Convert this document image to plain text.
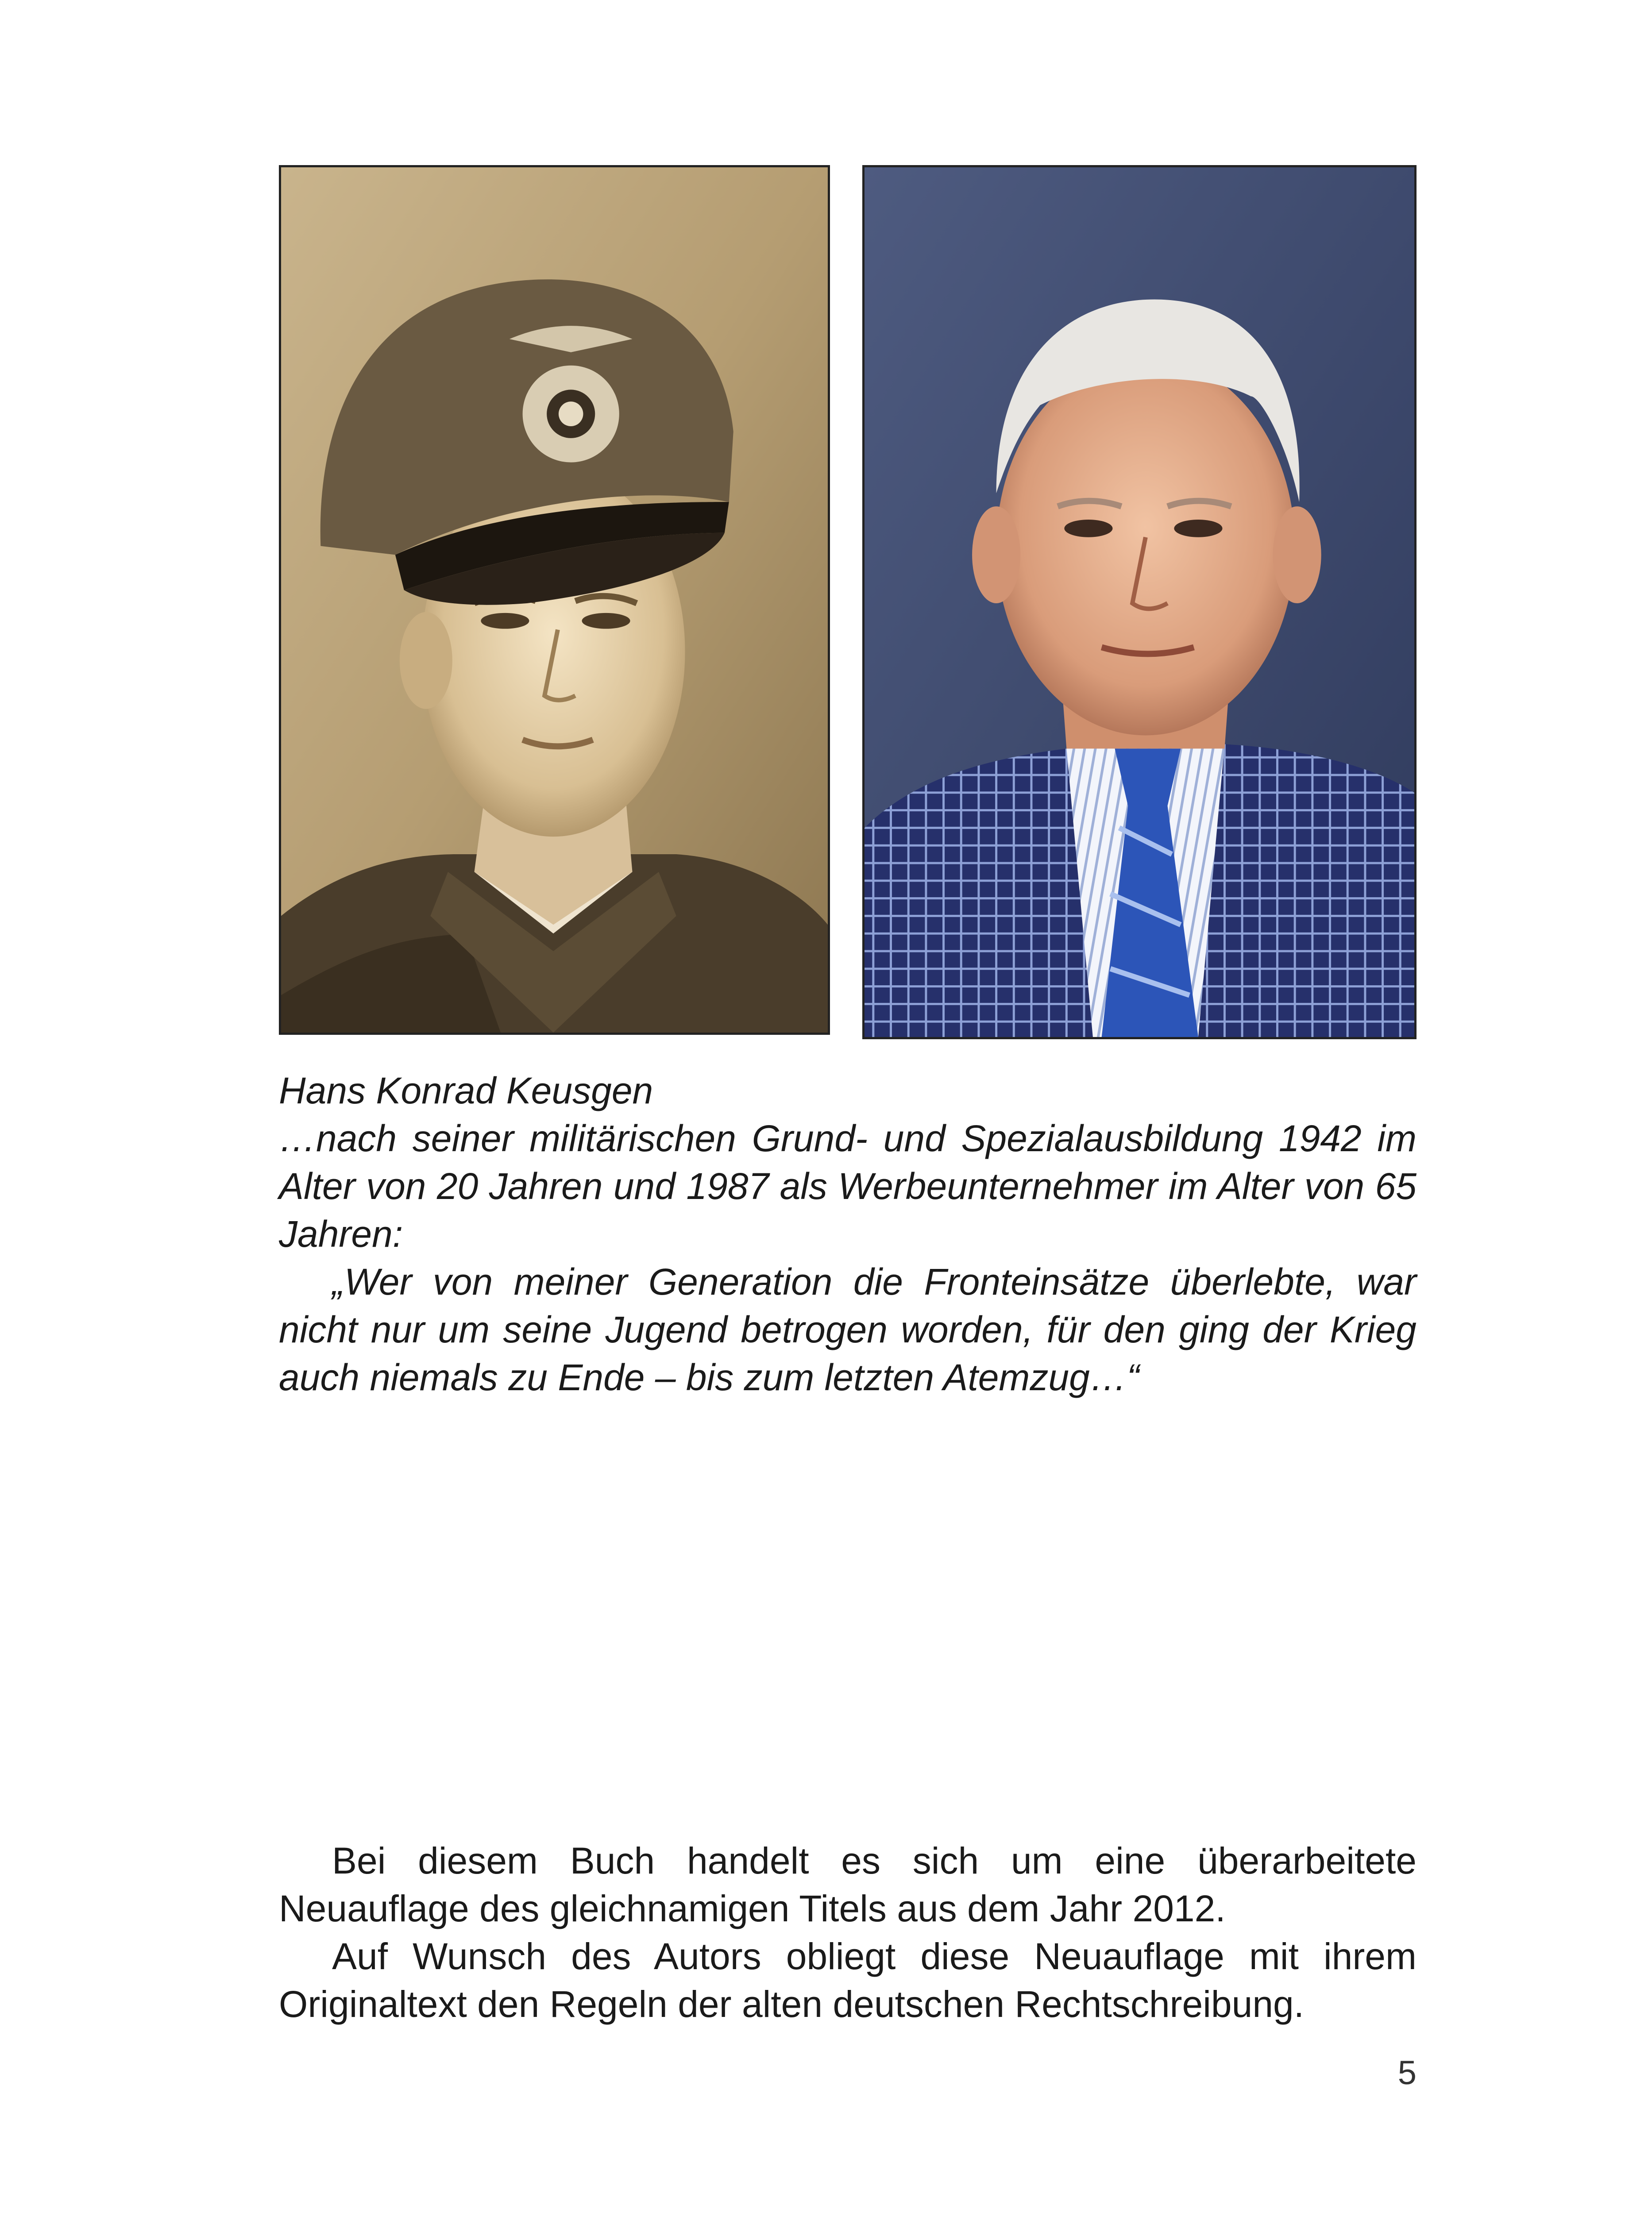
Hans Konrad Keusgen

…nach seiner militärischen Grund- und Spezialausbildung 1942 im Alter von 20 Jahren und 1987 als Werbeunternehmer im Alter von 65 Jahren:

„Wer von meiner Generation die Fronteinsätze überlebte, war nicht nur um seine Jugend betrogen worden, für den ging der Krieg auch niemals zu Ende – bis zum letzten Atemzug…“

Bei diesem Buch handelt es sich um eine überarbeitete Neuauflage des gleichnamigen Titels aus dem Jahr 2012.

Auf Wunsch des Autors obliegt diese Neuauflage mit ihrem Originaltext den Regeln der alten deutschen Rechtschreibung.

5
